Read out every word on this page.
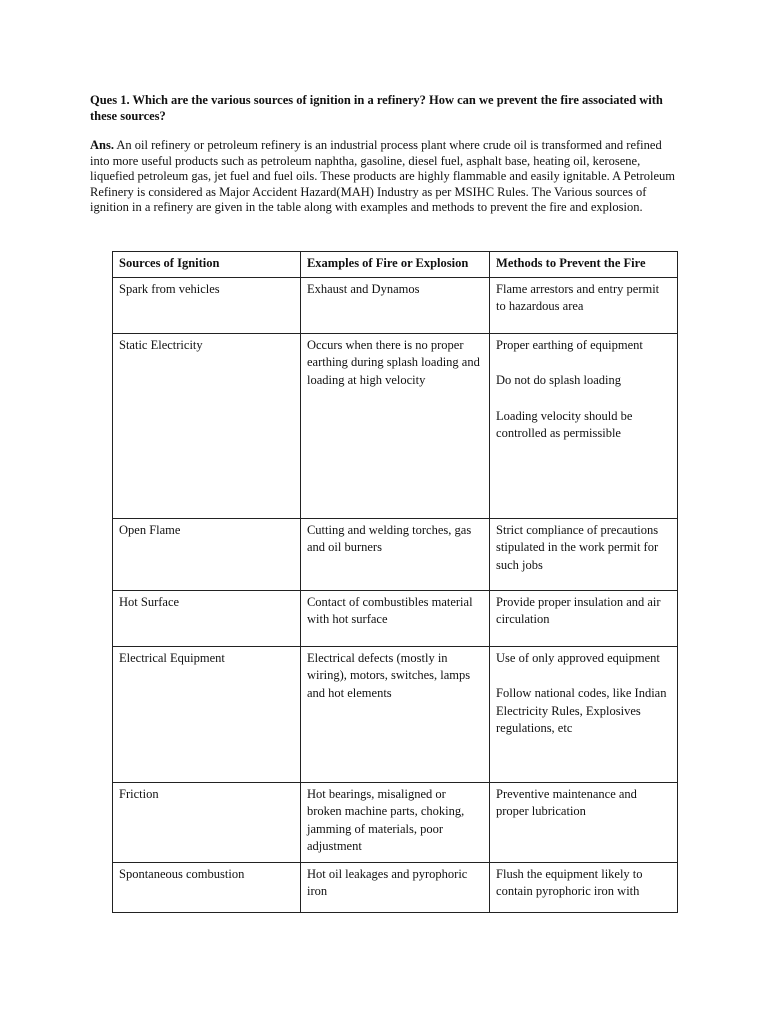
Ques 1. Which are the various sources of ignition in a refinery? How can we prevent the fire associated with these sources?

Ans. An oil refinery or petroleum refinery is an industrial process plant where crude oil is transformed and refined into more useful products such as petroleum naphtha, gasoline, diesel fuel, asphalt base, heating oil, kerosene, liquefied petroleum gas, jet fuel and fuel oils. These products are highly flammable and easily ignitable. A Petroleum Refinery is considered as Major Accident Hazard(MAH) Industry as per MSIHC Rules. The Various sources of ignition in a refinery are given in the table along with examples and methods to prevent the fire and explosion.

Sources of Ignition	Examples of Fire or Explosion	Methods to Prevent the Fire
Spark from vehicles	Exhaust and Dynamos	Flame arrestors and entry permit to hazardous area

Static Electricity	Occurs when there is no proper earthing during splash loading and loading at high velocity	Proper earthing of equipment
Do not do splash loading
Loading velocity should be controlled as permissible

Open Flame	Cutting and welding torches, gas and oil burners	Strict compliance of precautions stipulated in the work permit for such jobs

Hot Surface	Contact of combustibles material with hot surface	Provide proper insulation and air circulation

Electrical Equipment	Electrical defects (mostly in wiring), motors, switches, lamps and hot elements	Use of only approved equipment
Follow national codes, like Indian Electricity Rules, Explosives regulations, etc

Friction	Hot bearings, misaligned or broken machine parts, choking, jamming of materials, poor adjustment	Preventive maintenance and proper lubrication

Spontaneous combustion	Hot oil leakages and pyrophoric iron	Flush the equipment likely to contain pyrophoric iron with
